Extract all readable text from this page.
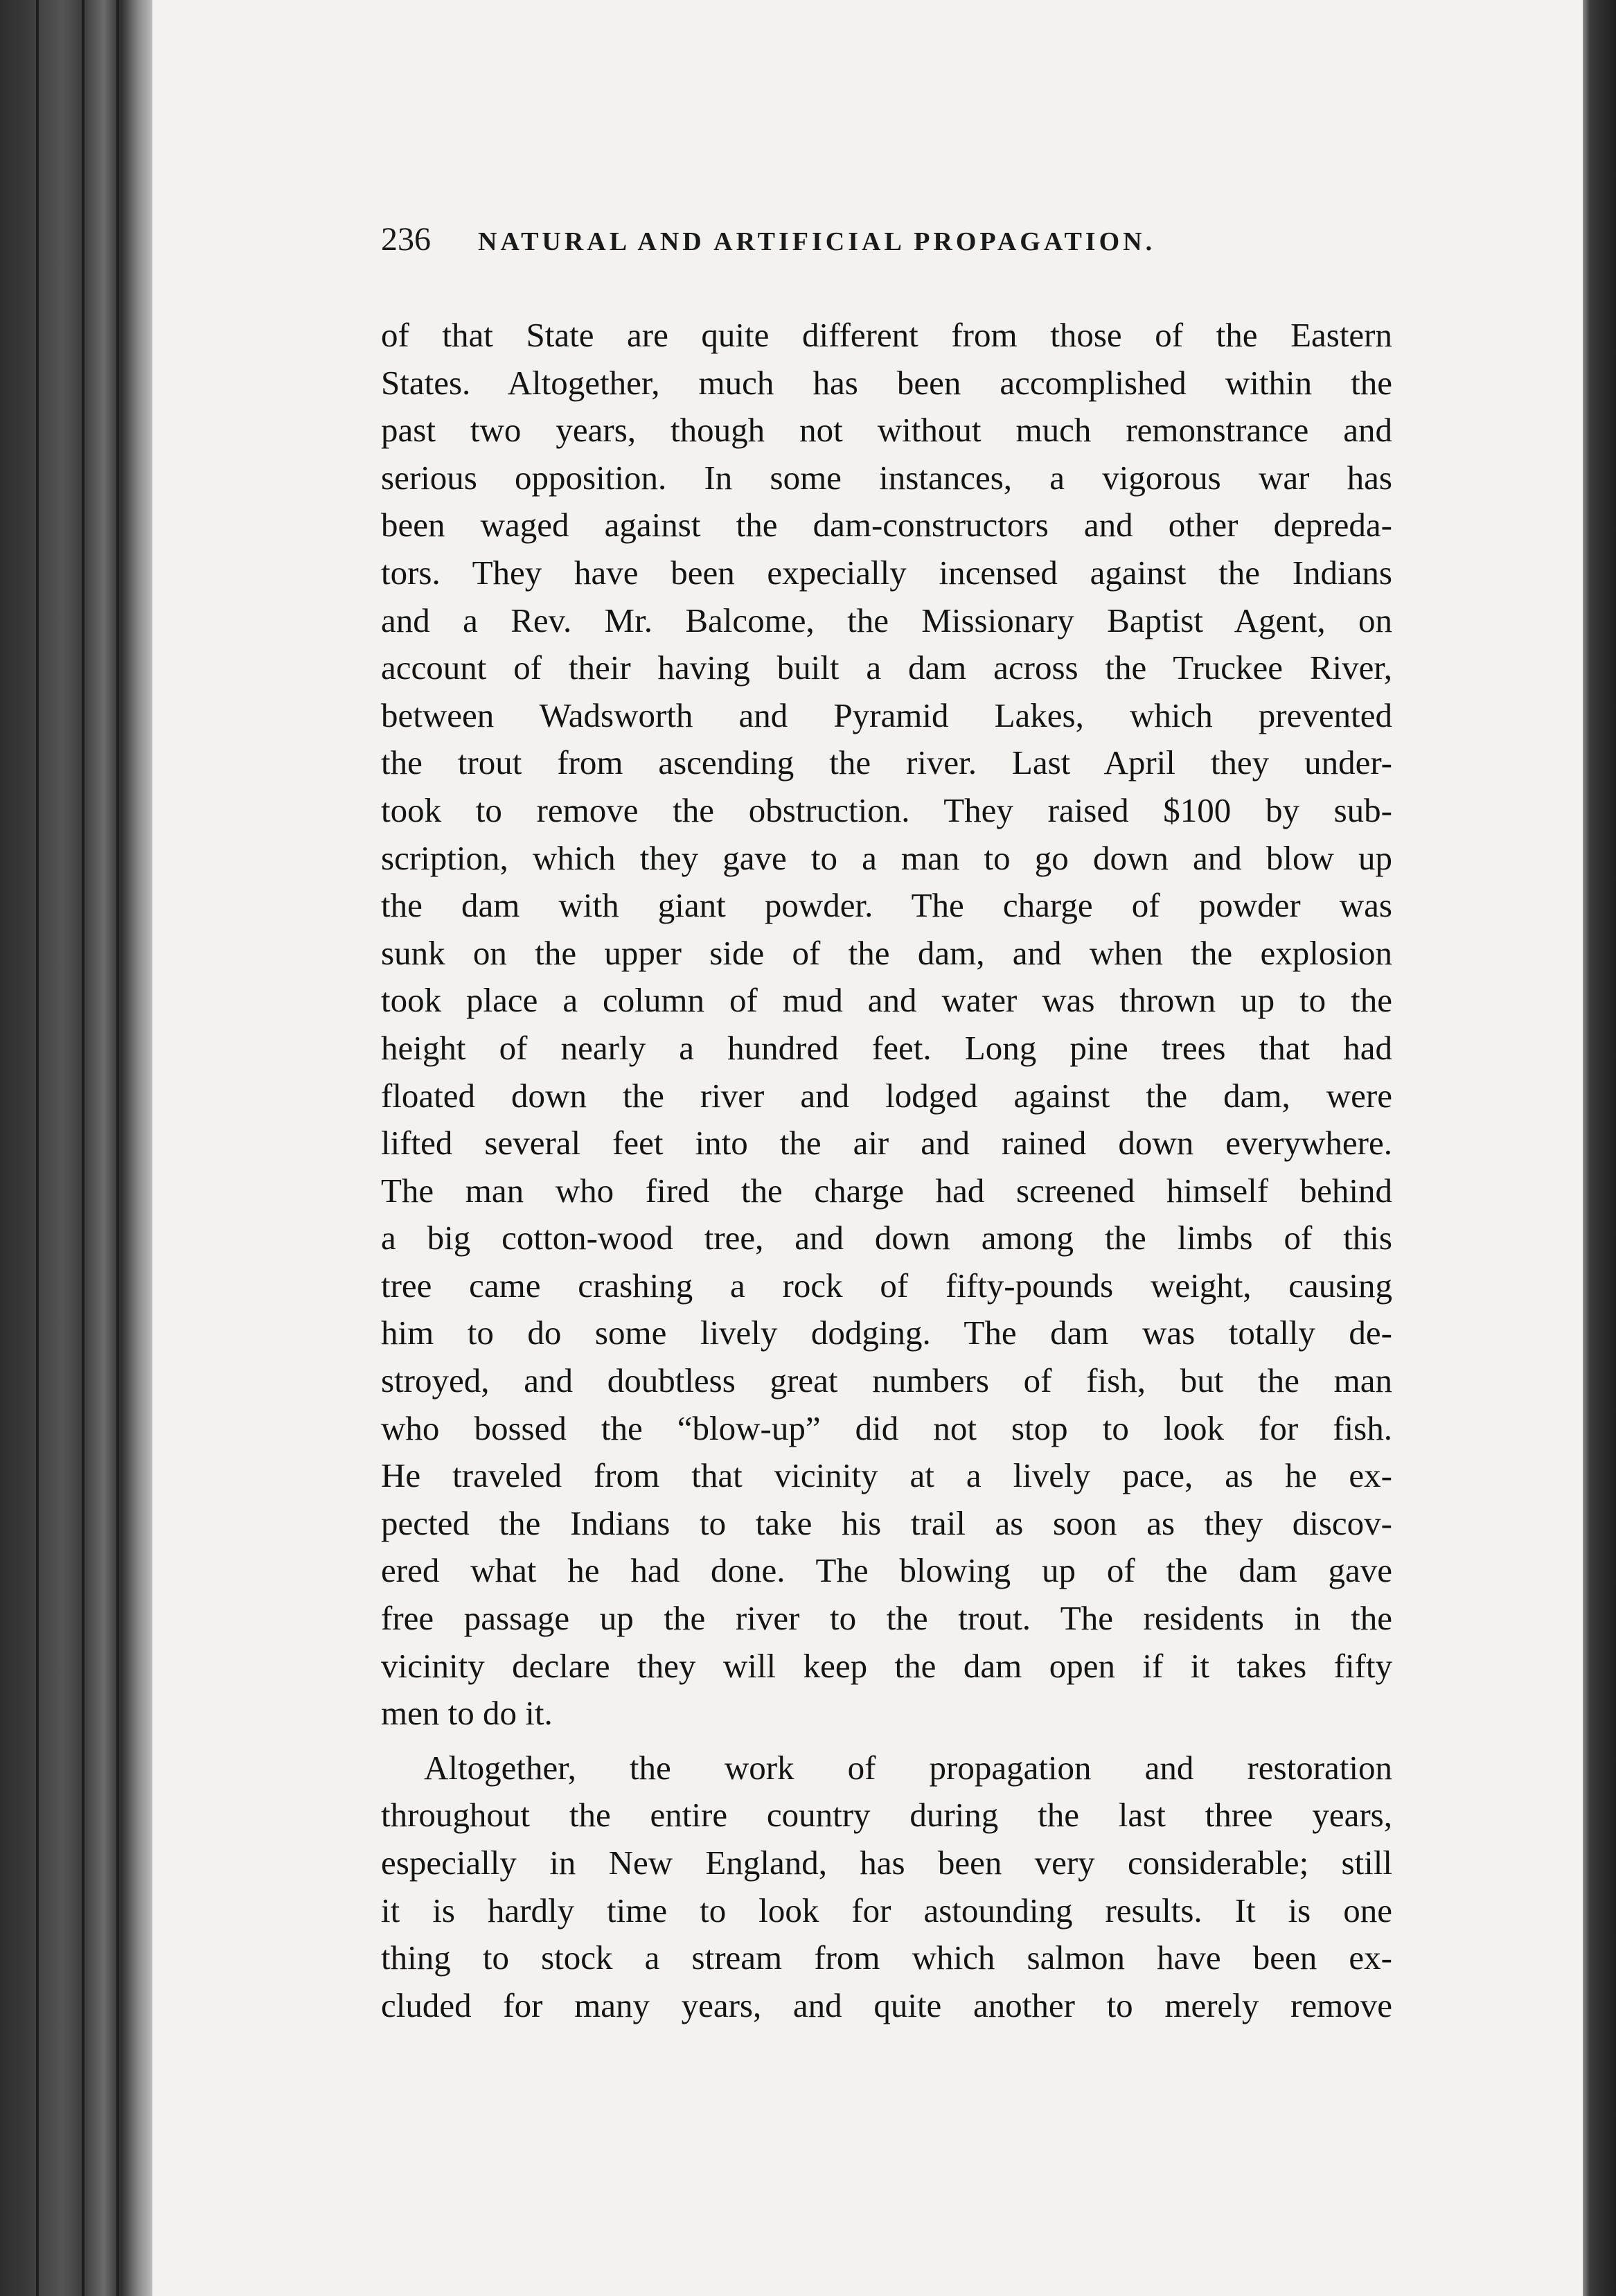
236	NATURAL AND ARTIFICIAL PROPAGATION.
of that State are quite different from those of the Eastern
States. Altogether, much has been accomplished within the
past two years, though not without much remonstrance and
serious opposition. In some instances, a vigorous war has
been waged against the dam-constructors and other depreda-
tors. They have been expecially incensed against the Indians
and a Rev. Mr. Balcome, the Missionary Baptist Agent, on
account of their having built a dam across the Truckee River,
between Wadsworth and Pyramid Lakes, which prevented
the trout from ascending the river. Last April they under-
took to remove the obstruction. They raised $100 by sub-
scription, which they gave to a man to go down and blow up
the dam with giant powder. The charge of powder was
sunk on the upper side of the dam, and when the explosion
took place a column of mud and water was thrown up to the
height of nearly a hundred feet. Long pine trees that had
floated down the river and lodged against the dam, were
lifted several feet into the air and rained down everywhere.
The man who fired the charge had screened himself behind
a big cotton-wood tree, and down among the limbs of this
tree came crashing a rock of fifty-pounds weight, causing
him to do some lively dodging. The dam was totally de-
stroyed, and doubtless great numbers of fish, but the man
who bossed the “blow-up” did not stop to look for fish.
He traveled from that vicinity at a lively pace, as he ex-
pected the Indians to take his trail as soon as they discov-
ered what he had done. The blowing up of the dam gave
free passage up the river to the trout. The residents in the
vicinity declare they will keep the dam open if it takes fifty
men to do it.
Altogether, the work of propagation and restoration
throughout the entire country during the last three years,
especially in New England, has been very considerable; still
it is hardly time to look for astounding results. It is one
thing to stock a stream from which salmon have been ex-
cluded for many years, and quite another to merely remove
